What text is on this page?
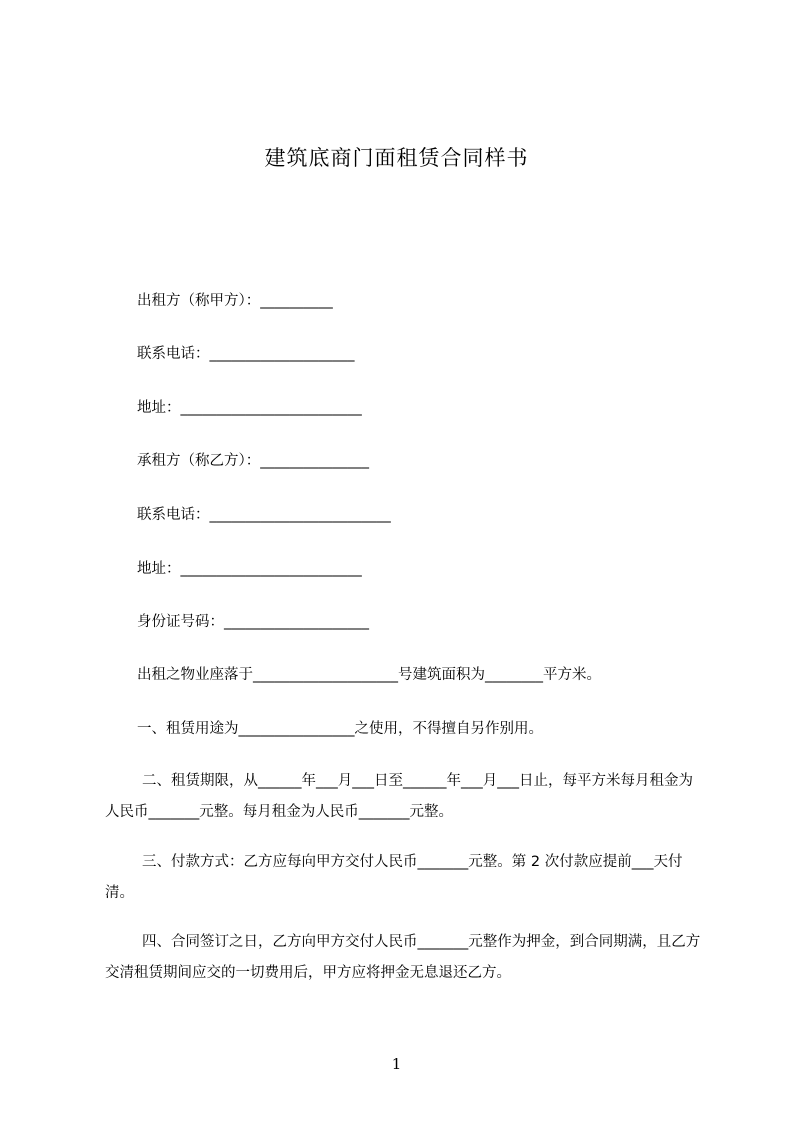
建筑底商门面租赁合同样书
出租方（称甲方）：__________
联系电话：____________________
地址：_________________________
承租方（称乙方）：_______________
联系电话：_________________________
地址：_________________________
身份证号码：____________________
出租之物业座落于____________________号建筑面积为________平方米。
一、租赁用途为________________之使用，不得擅自另作别用。
二、租赁期限，从______年___月___日至______年___月___日止，每平方米每月租金为人民币_______元整。每月租金为人民币_______元整。
三、付款方式：乙方应每向甲方交付人民币_______元整。第 2 次付款应提前___天付清。
四、合同签订之日，乙方向甲方交付人民币_______元整作为押金，到合同期满，且乙方交清租赁期间应交的一切费用后，甲方应将押金无息退还乙方。
1
